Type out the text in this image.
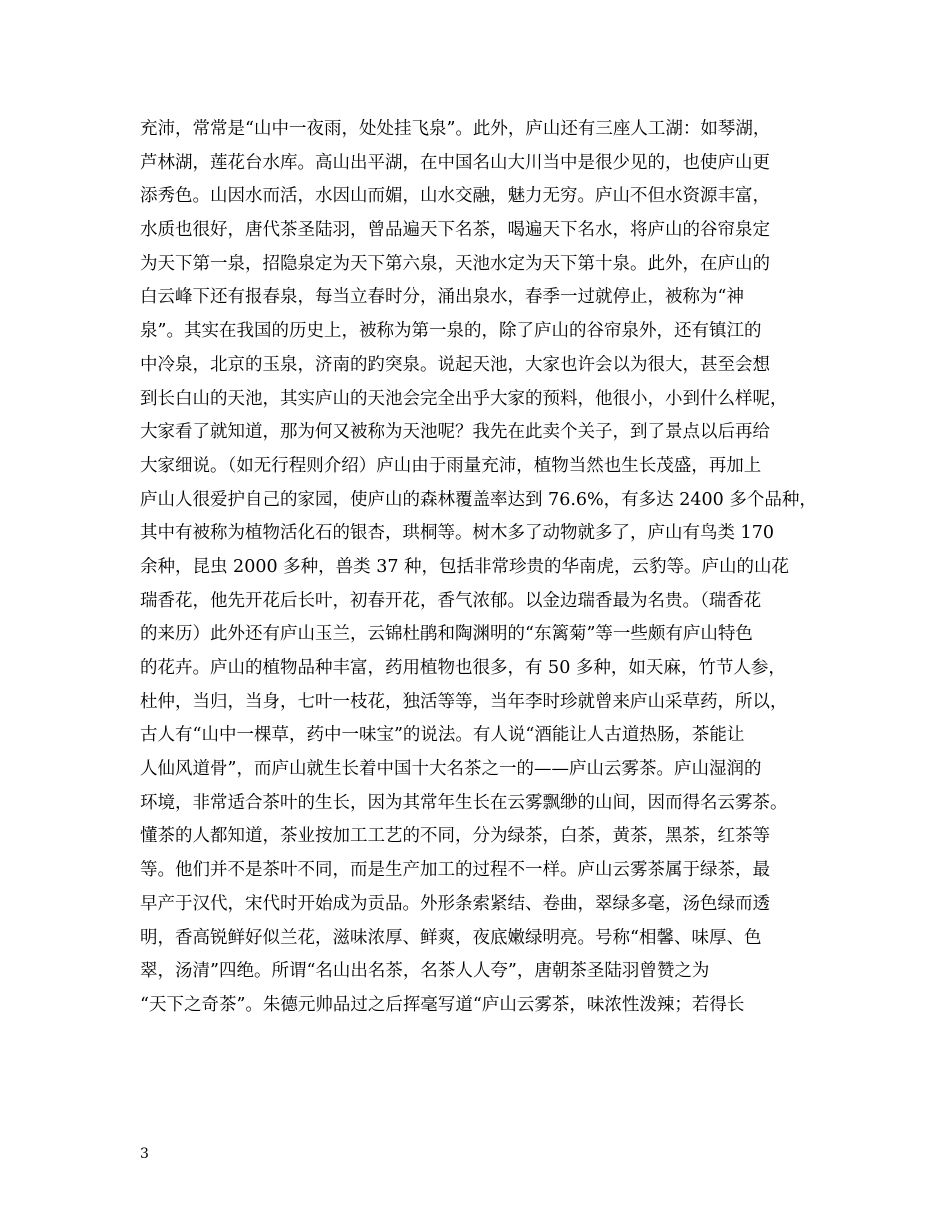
充沛，常常是“山中一夜雨，处处挂飞泉”。此外，庐山还有三座人工湖：如琴湖，
芦林湖，莲花台水库。高山出平湖，在中国名山大川当中是很少见的，也使庐山更
添秀色。山因水而活，水因山而媚，山水交融，魅力无穷。庐山不但水资源丰富，
水质也很好，唐代茶圣陆羽，曾品遍天下名茶，喝遍天下名水，将庐山的谷帘泉定
为天下第一泉，招隐泉定为天下第六泉，天池水定为天下第十泉。此外，在庐山的
白云峰下还有报春泉，每当立春时分，涌出泉水，春季一过就停止，被称为“神
泉”。其实在我国的历史上，被称为第一泉的，除了庐山的谷帘泉外，还有镇江的
中冷泉，北京的玉泉，济南的趵突泉。说起天池，大家也许会以为很大，甚至会想
到长白山的天池，其实庐山的天池会完全出乎大家的预料，他很小，小到什么样呢，
大家看了就知道，那为何又被称为天池呢？我先在此卖个关子，到了景点以后再给
大家细说。（如无行程则介绍）庐山由于雨量充沛，植物当然也生长茂盛，再加上
庐山人很爱护自己的家园，使庐山的森林覆盖率达到 76.6%，有多达 2400 多个品种，
其中有被称为植物活化石的银杏，珙桐等。树木多了动物就多了，庐山有鸟类 170
余种，昆虫 2000 多种，兽类 37 种，包括非常珍贵的华南虎，云豹等。庐山的山花
瑞香花，他先开花后长叶，初春开花，香气浓郁。以金边瑞香最为名贵。（瑞香花
的来历）此外还有庐山玉兰，云锦杜鹃和陶渊明的“东篱菊”等一些颇有庐山特色
的花卉。庐山的植物品种丰富，药用植物也很多，有 50 多种，如天麻，竹节人参，
杜仲，当归，当身，七叶一枝花，独活等等，当年李时珍就曾来庐山采草药，所以，
古人有“山中一棵草，药中一味宝”的说法。有人说“酒能让人古道热肠，茶能让
人仙风道骨”，而庐山就生长着中国十大名茶之一的——庐山云雾茶。庐山湿润的
环境，非常适合茶叶的生长，因为其常年生长在云雾飘缈的山间，因而得名云雾茶。
懂茶的人都知道，茶业按加工工艺的不同，分为绿茶，白茶，黄茶，黑茶，红茶等
等。他们并不是茶叶不同，而是生产加工的过程不一样。庐山云雾茶属于绿茶，最
早产于汉代，宋代时开始成为贡品。外形条索紧结、卷曲，翠绿多毫，汤色绿而透
明，香高锐鲜好似兰花，滋味浓厚、鲜爽，夜底嫩绿明亮。号称“相馨、味厚、色
翠，汤清”四绝。所谓“名山出名茶，名茶人人夸”，唐朝茶圣陆羽曾赞之为
“天下之奇茶”。朱德元帅品过之后挥毫写道“庐山云雾茶，味浓性泼辣；若得长
3
